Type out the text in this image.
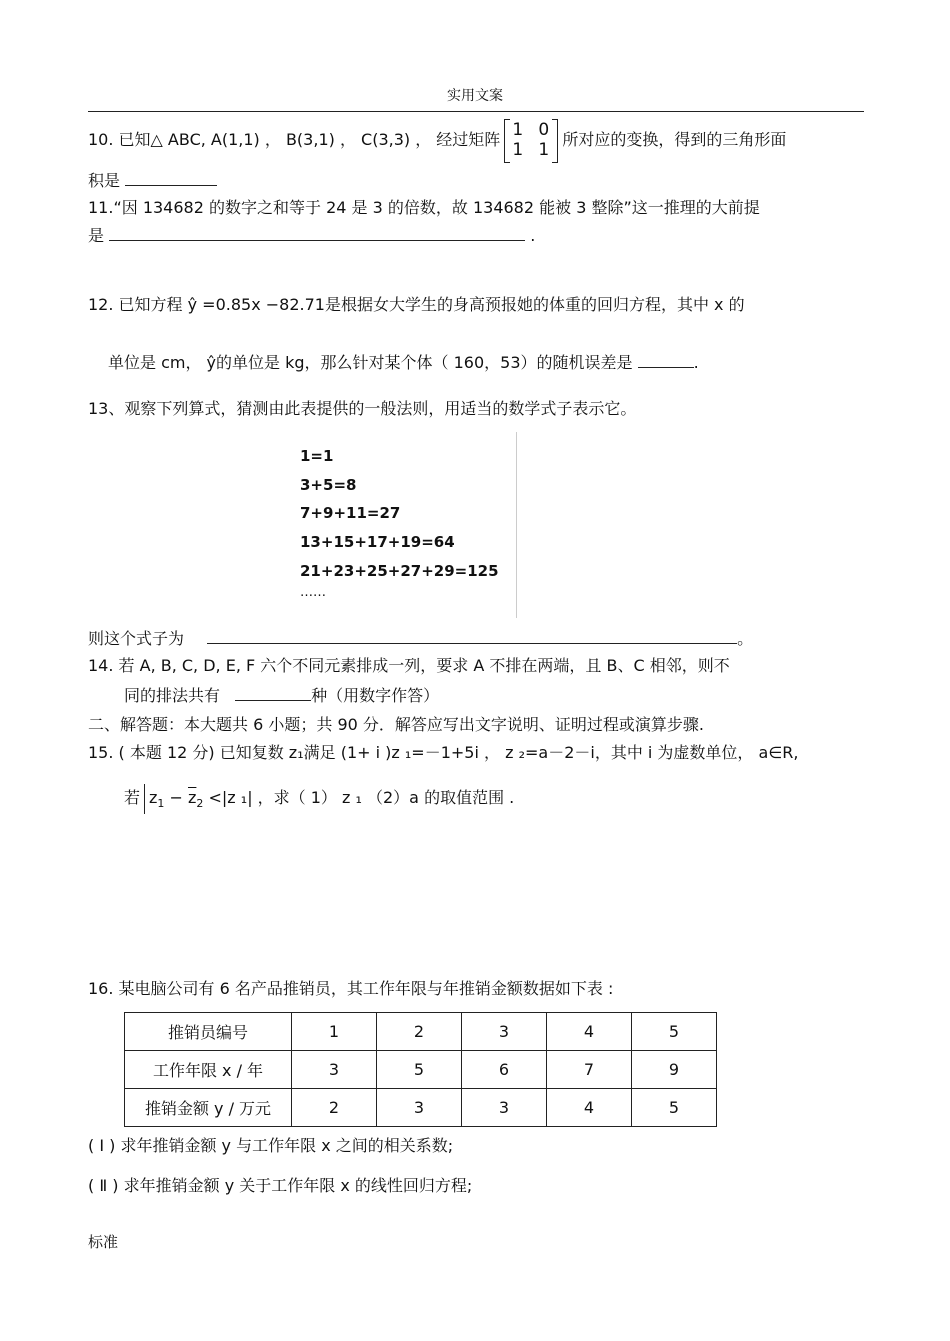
实用文案
10. 已知△ ABC, A(1,1) ， B(3,1) ， C(3,3) ， 经过矩阵 1 0
1 1 所对应的变换，得到的三角形面
积是
11.“因 134682 的数字之和等于 24 是 3 的倍数，故 134682 能被 3 整除”这一推理的大前提
是	.
12. 已知方程 ŷ =0.85x −82.71是根据女大学生的身高预报她的体重的回归方程，其中 x 的
单位是 cm， ŷ的单位是 kg，那么针对某个体（ 160，53）的随机误差是	.
13、观察下列算式，猜测由此表提供的一般法则，用适当的数学式子表示它。
1=1
3+5=8
7+9+11=27
13+15+17+19=64
21+23+25+27+29=125
……
则这个式子为	。
14. 若 A, B, C, D, E, F 六个不同元素排成一列，要求 A 不排在两端，且 B、C 相邻，则不
同的排法共有	种（用数字作答）
二、解答题：本大题共 6 小题；共 90 分．解答应写出文字说明、证明过程或演算步骤.
15. ( 本题 12 分) 已知复数 z₁满足 (1+ i )z ₁=－1+5i ， z ₂=a－2－i，其中 i 为虚数单位， a∈R,
若 $z_1 - \overline{z}_2 <|z$ ₁| ，求（ 1） z ₁ （2）a 的取值范围 .
16. 某电脑公司有 6 名产品推销员，其工作年限与年推销金额数据如下表 :
推销员编号	1	2	3	4	5
工作年限 x / 年	3	5	6	7	9
推销金额 y / 万元	2	3	3	4	5
( Ⅰ ) 求年推销金额 y 与工作年限 x 之间的相关系数;
( Ⅱ ) 求年推销金额 y 关于工作年限 x 的线性回归方程;
标准
